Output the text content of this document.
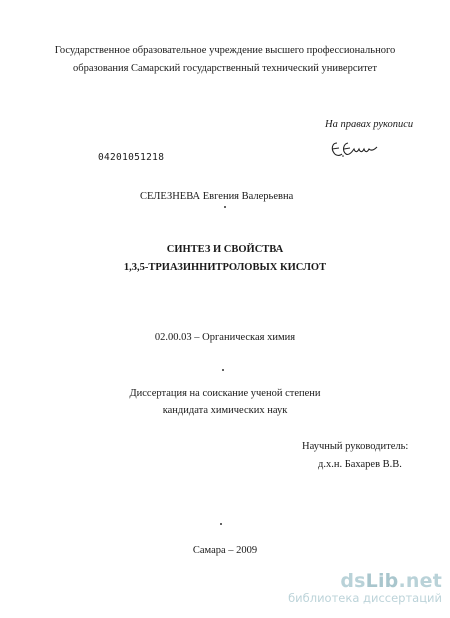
Государственное образовательное учреждение высшего профессионального
образования Самарский государственный технический университет
На правах рукописи
04201051218
СЕЛЕЗНЕВА Евгения Валерьевна
СИНТЕЗ И СВОЙСТВА
1,3,5-ТРИАЗИННИТРОЛОВЫХ КИСЛОТ
02.00.03 – Органическая химия
Диссертация на соискание ученой степени
кандидата химических наук
Научный руководитель:
д.х.н. Бахарев В.В.
Самара – 2009
dsLib.net
библиотека диссертаций
